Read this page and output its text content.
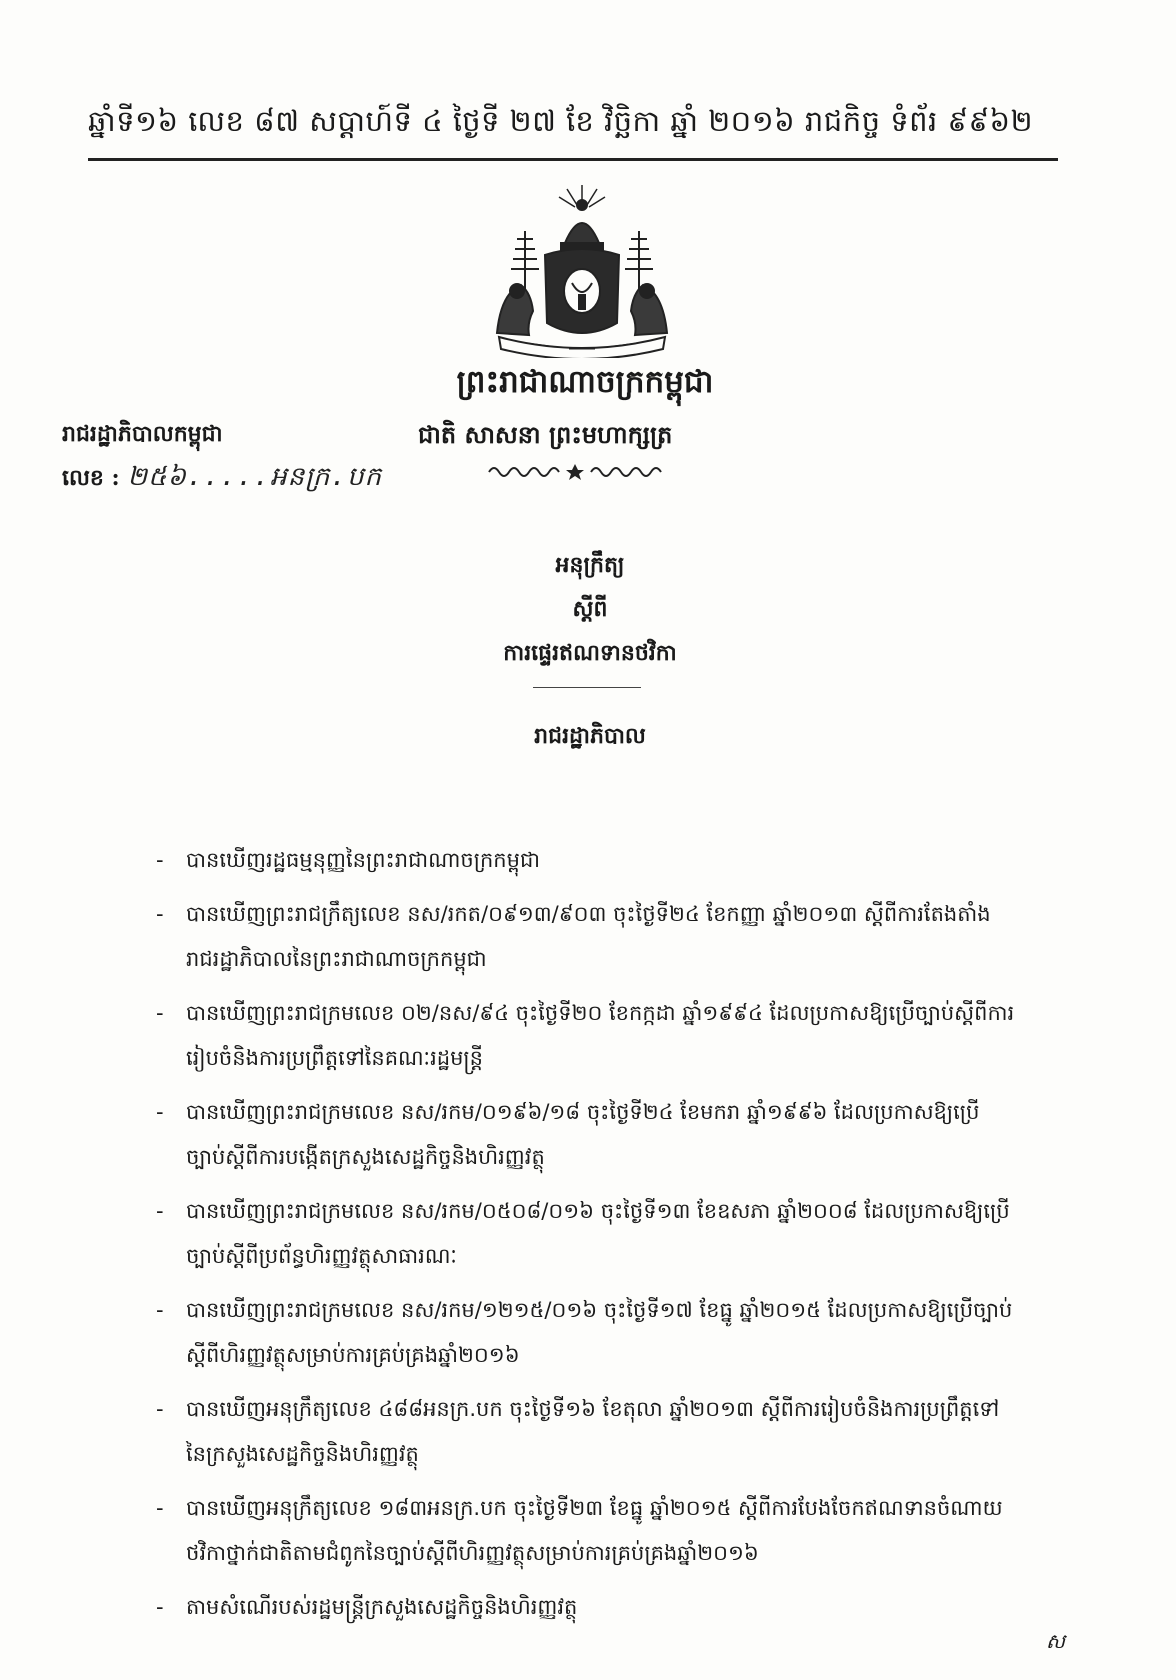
ឆ្នាំទី១៦ លេខ ៨៧ សប្តាហ៍ទី ៤ ថ្ងៃទី ២៧ ខែ វិច្ឆិកា ឆ្នាំ ២០១៦ រាជកិច្ច ទំព័រ ៩៩៦២
ព្រះរាជាណាចក្រកម្ពុជា
រាជរដ្ឋាភិបាលកម្ពុជា	ជាតិ សាសនា ព្រះមហាក្សត្រ
លេខ : ២៥៦.....អនក្រ.បក
អនុក្រឹត្យ
ស្តីពី
ការផ្ទេរឥណទានថវិកា
រាជរដ្ឋាភិបាល
- បានឃើញរដ្ឋធម្មនុញ្ញនៃព្រះរាជាណាចក្រកម្ពុជា
- បានឃើញព្រះរាជក្រឹត្យលេខ នស/រកត/០៩១៣/៩០៣ ចុះថ្ងៃទី២៤ ខែកញ្ញា ឆ្នាំ២០១៣ ស្តីពីការតែងតាំងរាជរដ្ឋាភិបាលនៃព្រះរាជាណាចក្រកម្ពុជា
- បានឃើញព្រះរាជក្រមលេខ ០២/នស/៩៤ ចុះថ្ងៃទី២០ ខែកក្កដា ឆ្នាំ១៩៩៤ ដែលប្រកាសឱ្យប្រើច្បាប់ស្តីពីការរៀបចំនិងការប្រព្រឹត្តទៅនៃគណៈរដ្ឋមន្ត្រី
- បានឃើញព្រះរាជក្រមលេខ នស/រកម/០១៩៦/១៨ ចុះថ្ងៃទី២៤ ខែមករា ឆ្នាំ១៩៩៦ ដែលប្រកាសឱ្យប្រើច្បាប់ស្តីពីការបង្កើតក្រសួងសេដ្ឋកិច្ចនិងហិរញ្ញវត្ថុ
- បានឃើញព្រះរាជក្រមលេខ នស/រកម/០៥០៨/០១៦ ចុះថ្ងៃទី១៣ ខែឧសភា ឆ្នាំ២០០៨ ដែលប្រកាសឱ្យប្រើច្បាប់ស្តីពីប្រព័ន្ធហិរញ្ញវត្ថុសាធារណៈ
- បានឃើញព្រះរាជក្រមលេខ នស/រកម/១២១៥/០១៦ ចុះថ្ងៃទី១៧ ខែធ្នូ ឆ្នាំ២០១៥ ដែលប្រកាសឱ្យប្រើច្បាប់ស្តីពីហិរញ្ញវត្ថុសម្រាប់ការគ្រប់គ្រងឆ្នាំ២០១៦
- បានឃើញអនុក្រឹត្យលេខ ៤៨៨អនក្រ.បក ចុះថ្ងៃទី១៦ ខែតុលា ឆ្នាំ២០១៣ ស្តីពីការរៀបចំនិងការប្រព្រឹត្តទៅនៃក្រសួងសេដ្ឋកិច្ចនិងហិរញ្ញវត្ថុ
- បានឃើញអនុក្រឹត្យលេខ ១៨៣អនក្រ.បក ចុះថ្ងៃទី២៣ ខែធ្នូ ឆ្នាំ២០១៥ ស្តីពីការបែងចែកឥណទានចំណាយថវិកាថ្នាក់ជាតិតាមជំពូកនៃច្បាប់ស្តីពីហិរញ្ញវត្ថុសម្រាប់ការគ្រប់គ្រងឆ្នាំ២០១៦
- តាមសំណើរបស់រដ្ឋមន្ត្រីក្រសួងសេដ្ឋកិច្ចនិងហិរញ្ញវត្ថុ
ស
